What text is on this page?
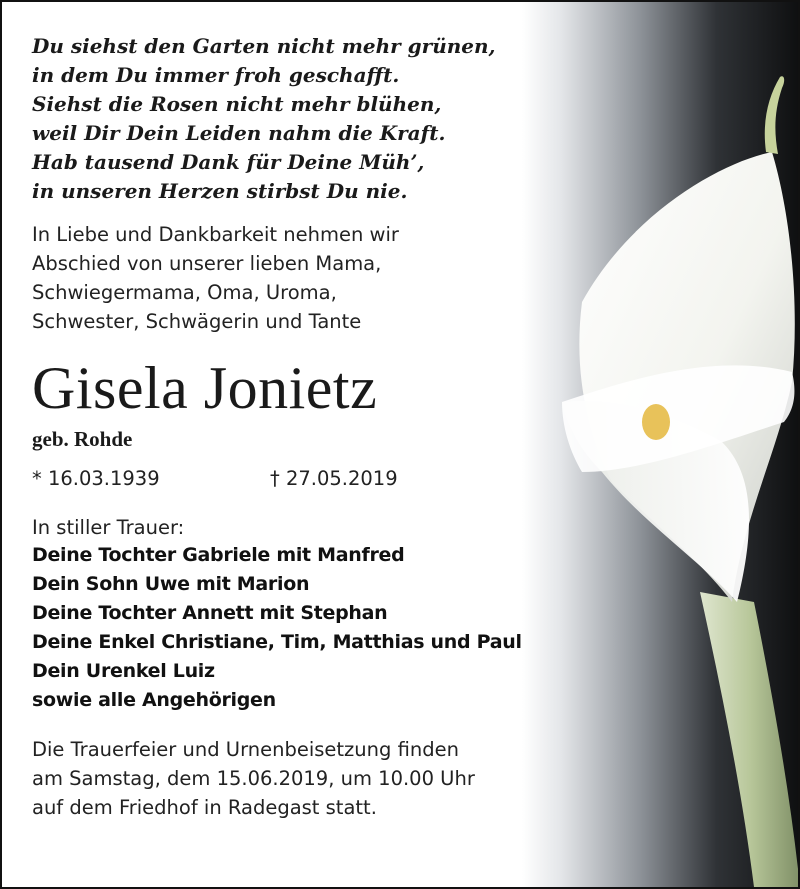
Du siehst den Garten nicht mehr grünen,
in dem Du immer froh geschafft.
Siehst die Rosen nicht mehr blühen,
weil Dir Dein Leiden nahm die Kraft.
Hab tausend Dank für Deine Müh’,
in unseren Herzen stirbst Du nie.
In Liebe und Dankbarkeit nehmen wir
Abschied von unserer lieben Mama,
Schwiegermama, Oma, Uroma,
Schwester, Schwägerin und Tante
Gisela Jonietz
geb. Rohde
* 16.03.1939	† 27.05.2019
In stiller Trauer:
Deine Tochter Gabriele mit Manfred
Dein Sohn Uwe mit Marion
Deine Tochter Annett mit Stephan
Deine Enkel Christiane, Tim, Matthias und Paul
Dein Urenkel Luiz
sowie alle Angehörigen
Die Trauerfeier und Urnenbeisetzung finden
am Samstag, dem 15.06.2019, um 10.00 Uhr
auf dem Friedhof in Radegast statt.
